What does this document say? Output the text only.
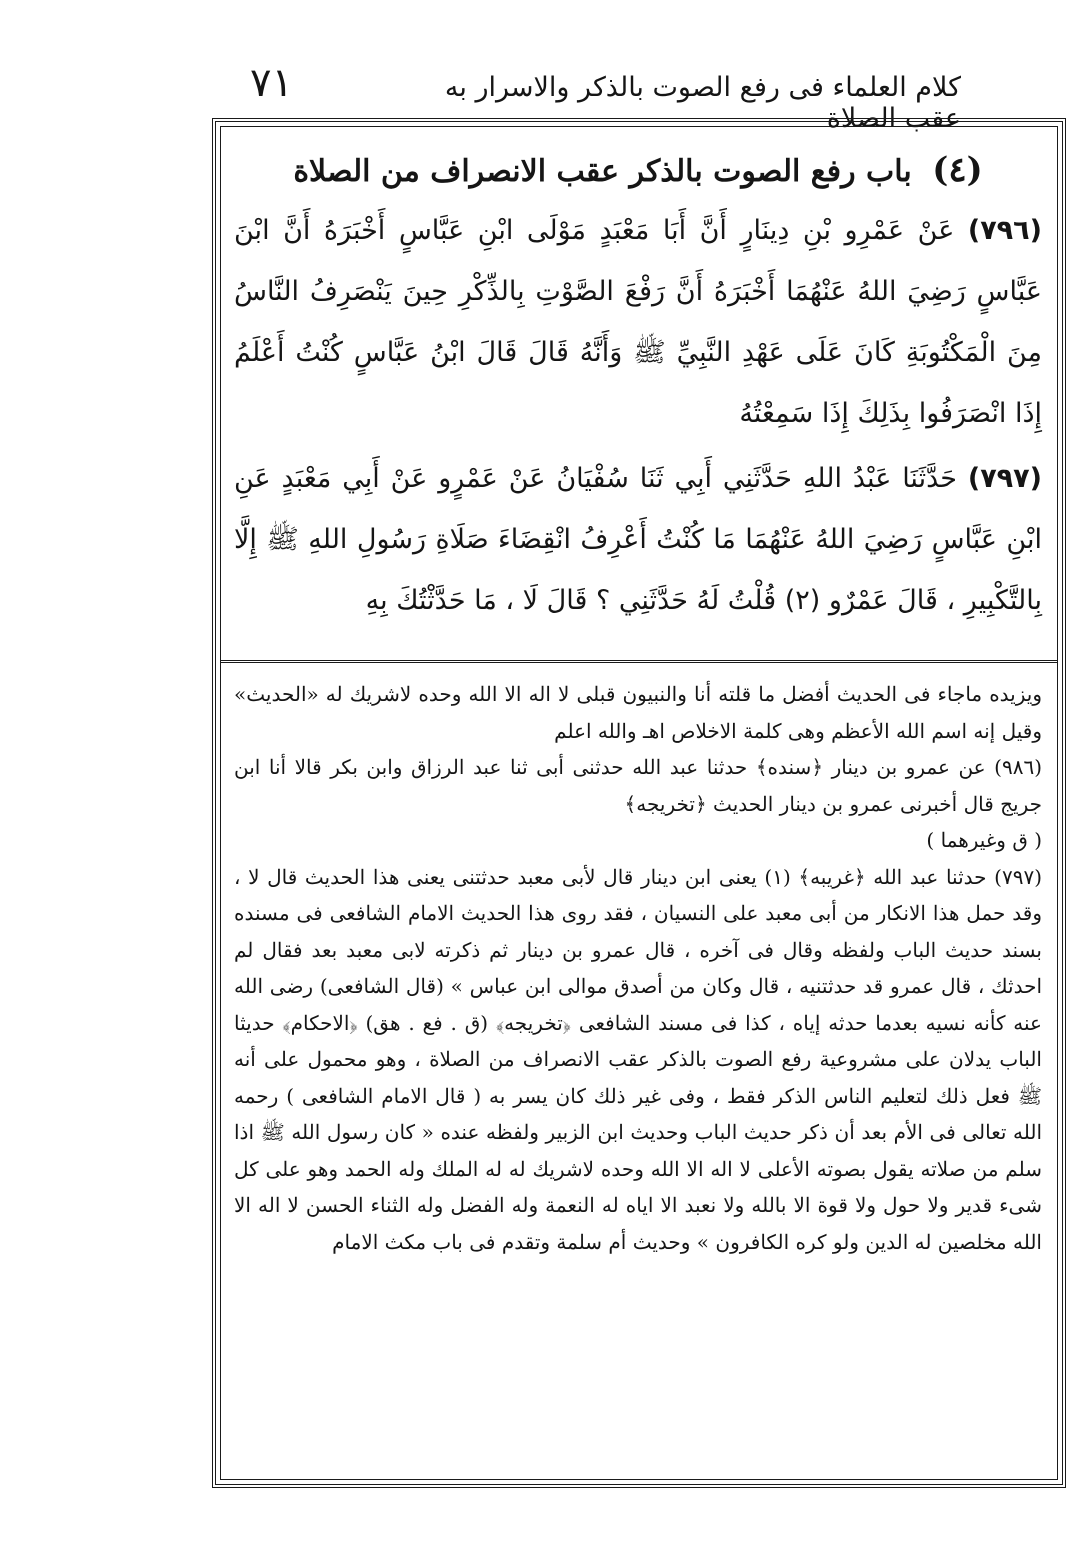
٧١	كلام العلماء فى رفع الصوت بالذكر والاسرار به عقب الصلاة
(٤) باب رفع الصوت بالذكر عقب الانصراف من الصلاة

(٧٩٦) عَنْ عَمْرِو بْنِ دِينَارٍ أَنَّ أَبَا مَعْبَدٍ مَوْلَى ابْنِ عَبَّاسٍ أَخْبَرَهُ أَنَّ ابْنَ عَبَّاسٍ رَضِيَ اللهُ عَنْهُمَا أَخْبَرَهُ أَنَّ رَفْعَ الصَّوْتِ بِالذِّكْرِ حِينَ يَنْصَرِفُ النَّاسُ مِنَ الْمَكْتُوبَةِ كَانَ عَلَى عَهْدِ النَّبِيِّ ﷺ وَأَنَّهُ قَالَ قَالَ ابْنُ عَبَّاسٍ كُنْتُ أَعْلَمُ إِذَا انْصَرَفُوا بِذَلِكَ إِذَا سَمِعْتُهُ

(٧٩٧) حَدَّثَنَا عَبْدُ اللهِ حَدَّثَنِي أَبِي ثَنَا سُفْيَانُ عَنْ عَمْرٍو عَنْ أَبِي مَعْبَدٍ عَنِ ابْنِ عَبَّاسٍ رَضِيَ اللهُ عَنْهُمَا مَا كُنْتُ أَعْرِفُ انْقِضَاءَ صَلَاةِ رَسُولِ اللهِ ﷺ إِلَّا بِالتَّكْبِيرِ ، قَالَ عَمْرٌو (٢) قُلْتُ لَهُ حَدَّثَنِي ؟ قَالَ لَا ، مَا حَدَّثْتُكَ بِهِ

ويزيده ماجاء فى الحديث أفضل ما قلته أنا والنبيون قبلى لا اله الا الله وحده لاشريك له «الحديث» وقيل إنه اسم الله الأعظم وهى كلمة الاخلاص اهـ والله اعلم

(٩٨٦) عن عمرو بن دينار ﴿سنده﴾ حدثنا عبد الله حدثنى أبى ثنا عبد الرزاق وابن بكر قالا أنا ابن جريج قال أخبرنى عمرو بن دينار الحديث ﴿تخريجه﴾

( ق وغيرهما )

(٧٩٧) حدثنا عبد الله ﴿غريبه﴾ (١) يعنى ابن دينار قال لأبى معبد حدثتنى يعنى هذا الحديث قال لا ، وقد حمل هذا الانكار من أبى معبد على النسيان ، فقد روى هذا الحديث الامام الشافعى فى مسنده بسند حديث الباب ولفظه وقال فى آخره ، قال عمرو بن دينار ثم ذكرته لابى معبد بعد فقال لم احدثك ، قال عمرو قد حدثتنيه ، قال وكان من أصدق موالى ابن عباس » (قال الشافعى) رضى الله عنه كأنه نسيه بعدما حدثه إياه ، كذا فى مسند الشافعى ﴿تخريجه﴾ (ق . فع . هق) ﴿الاحكام﴾ حديثا الباب يدلان على مشروعية رفع الصوت بالذكر عقب الانصراف من الصلاة ، وهو محمول على أنه ﷺ فعل ذلك لتعليم الناس الذكر فقط ، وفى غير ذلك كان يسر به ( قال الامام الشافعى ) رحمه الله تعالى فى الأم بعد أن ذكر حديث الباب وحديث ابن الزبير ولفظه عنده « كان رسول الله ﷺ اذا سلم من صلاته يقول بصوته الأعلى لا اله الا الله وحده لاشريك له له الملك وله الحمد وهو على كل شىء قدير ولا حول ولا قوة الا بالله ولا نعبد الا اياه له النعمة وله الفضل وله الثناء الحسن لا اله الا الله مخلصين له الدين ولو كره الكافرون » وحديث أم سلمة وتقدم فى باب مكث الامام
